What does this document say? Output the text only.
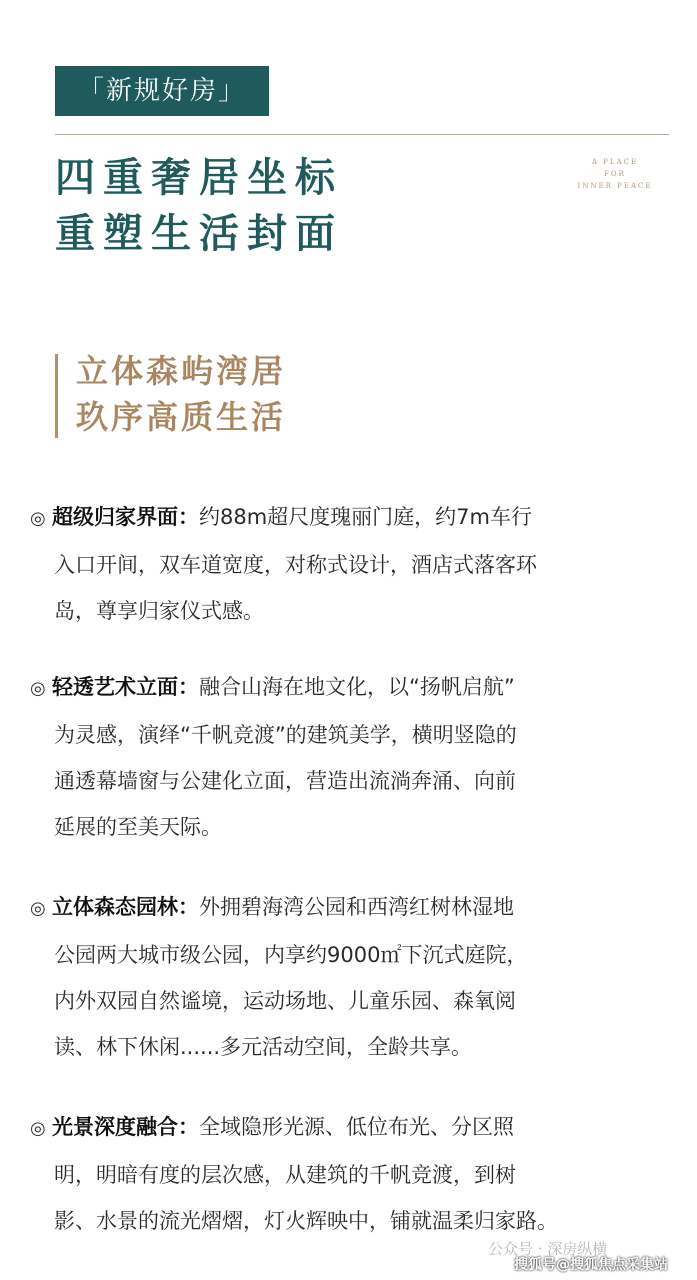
「新规好房」
四重奢居坐标
重塑生活封面
A PLACE
FOR
INNER PEACE
立体森屿湾居
玖序高质生活
◎ 超级归家界面：约88m超尺度瑰丽门庭，约7m车行
入口开间，双车道宽度，对称式设计，酒店式落客环
岛，尊享归家仪式感。
◎ 轻透艺术立面：融合山海在地文化，以“扬帆启航”
为灵感，演绎“千帆竞渡”的建筑美学，横明竖隐的
通透幕墙窗与公建化立面，营造出流淌奔涌、向前
延展的至美天际。
◎ 立体森态园林：外拥碧海湾公园和西湾红树林湿地
公园两大城市级公园，内享约9000㎡下沉式庭院，
内外双园自然谧境，运动场地、儿童乐园、森氧阅
读、林下休闲......多元活动空间，全龄共享。
◎ 光景深度融合：全域隐形光源、低位布光、分区照
明，明暗有度的层次感，从建筑的千帆竞渡，到树
影、水景的流光熠熠，灯火辉映中，铺就温柔归家路。
公众号 · 深房纵横
搜狐号@搜狐焦点采集站
